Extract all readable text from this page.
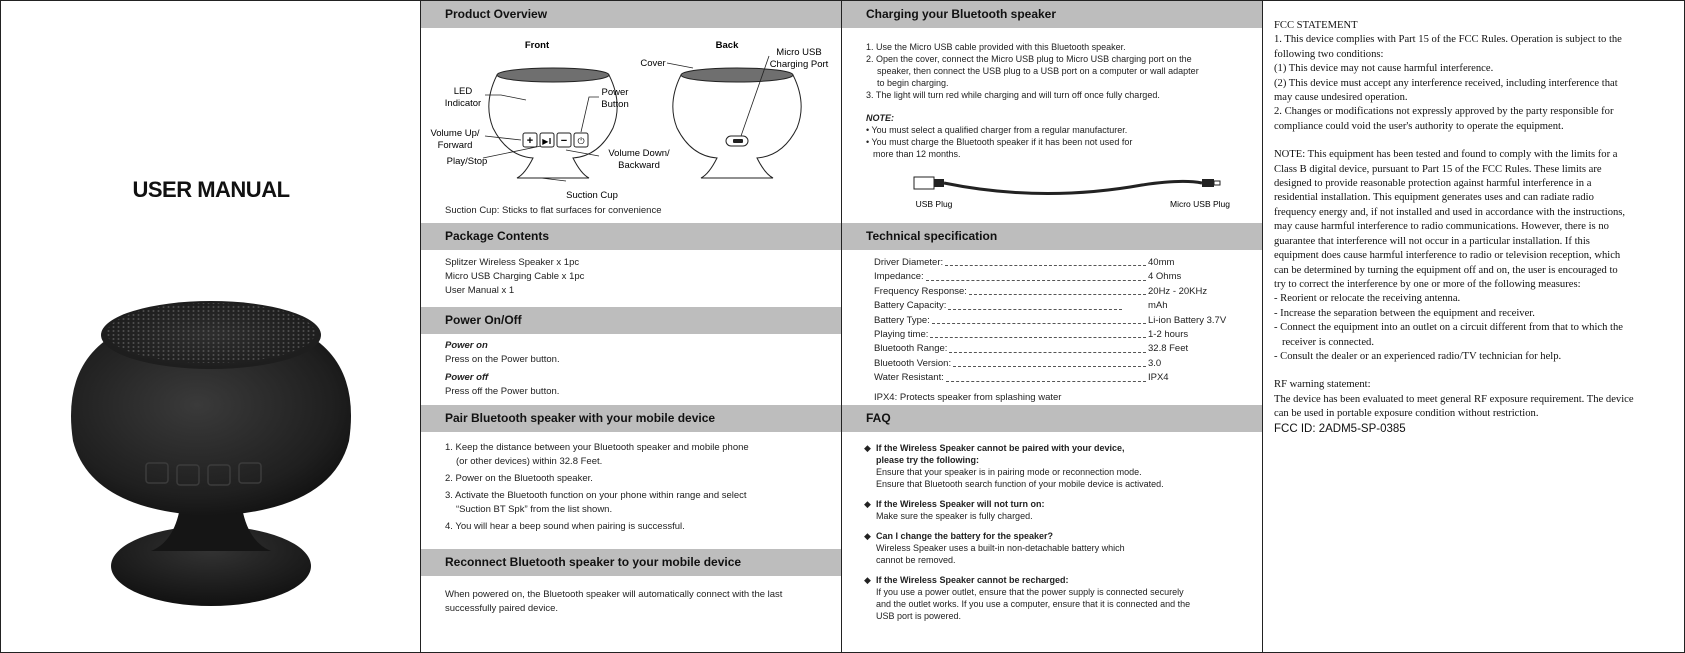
USER MANUAL
Product Overview
Front	Back
+ ▶‖ − ⏻
Cover
Micro USB
Charging Port
LED
Indicator
Power
Button
Volume Up/
Forward
Play/Stop
Volume Down/
Backward
Suction Cup
Suction Cup: Sticks to flat surfaces for convenience
Package Contents
Splitzer Wireless Speaker x 1pc
Micro USB Charging Cable x 1pc
User Manual x 1
Power On/Off
Power on
Press on the Power button.
Power off
Press off the Power button.
Pair Bluetooth speaker with your mobile device
1. Keep the distance between your Bluetooth speaker and mobile phone
(or other devices) within 32.8 Feet.
2. Power on the Bluetooth speaker.
3. Activate the Bluetooth function on your phone within range and select
“Suction BT Spk” from the list shown.
4. You will hear a beep sound when pairing is successful.
Reconnect Bluetooth speaker to your mobile device
When powered on, the Bluetooth speaker will automatically connect with the last
successfully paired device.
Charging your Bluetooth speaker
1. Use the Micro USB cable provided with this Bluetooth speaker.
2. Open the cover, connect the Micro USB plug to Micro USB charging port on the
speaker, then connect the USB plug to a USB port on a computer or wall adapter
to begin charging.
3. The light will turn red while charging and will turn off once fully charged.
NOTE:
• You must select a qualified charger from a regular manufacturer.
• You must charge the Bluetooth speaker if it has been not used for
more than 12 months.
USB Plug	Micro USB Plug
Technical specification
Driver Diameter:	40mm
Impedance:	4 Ohms
Frequency Response:	20Hz - 20KHz
Battery Capacity:	mAh
Battery Type:	Li-ion Battery 3.7V
Playing time:	1-2 hours
Bluetooth Range:	32.8 Feet
Bluetooth Version:	3.0
Water Resistant:	IPX4
IPX4: Protects speaker from splashing water
FAQ
◆ If the Wireless Speaker cannot be paired with your device,
please try the following:
Ensure that your speaker is in pairing mode or reconnection mode.
Ensure that Bluetooth search function of your mobile device is activated.
◆ If the Wireless Speaker will not turn on:
Make sure the speaker is fully charged.
◆ Can I change the battery for the speaker?
Wireless Speaker uses a built-in non-detachable battery which
cannot be removed.
◆ If the Wireless Speaker cannot be recharged:
If you use a power outlet, ensure that the power supply is connected securely
and the outlet works. If you use a computer, ensure that it is connected and the
USB port is powered.

FCC STATEMENT

1. This device complies with Part 15 of the FCC Rules. Operation is subject to the

following two conditions:

(1) This device may not cause harmful interference.

(2) This device must accept any interference received, including interference that

may cause undesired operation.

2. Changes or modifications not expressly approved by the party responsible for

compliance could void the user's authority to operate the equipment.

NOTE: This equipment has been tested and found to comply with the limits for a

Class B digital device, pursuant to Part 15 of the FCC Rules. These limits are

designed to provide reasonable protection against harmful interference in a

residential installation. This equipment generates uses and can radiate radio

frequency energy and, if not installed and used in accordance with the instructions,

may cause harmful interference to radio communications. However, there is no

guarantee that interference will not occur in a particular installation. If this

equipment does cause harmful interference to radio or television reception, which

can be determined by turning the equipment off and on, the user is encouraged to

try to correct the interference by one or more of the following measures:

- Reorient or relocate the receiving antenna.

- Increase the separation between the equipment and receiver.

- Connect the equipment into an outlet on a circuit different from that to which the

receiver is connected.

- Consult the dealer or an experienced radio/TV technician for help.

RF warning statement:

The device has been evaluated to meet general RF exposure requirement. The device

can be used in portable exposure condition without restriction.

FCC ID: 2ADM5-SP-0385
